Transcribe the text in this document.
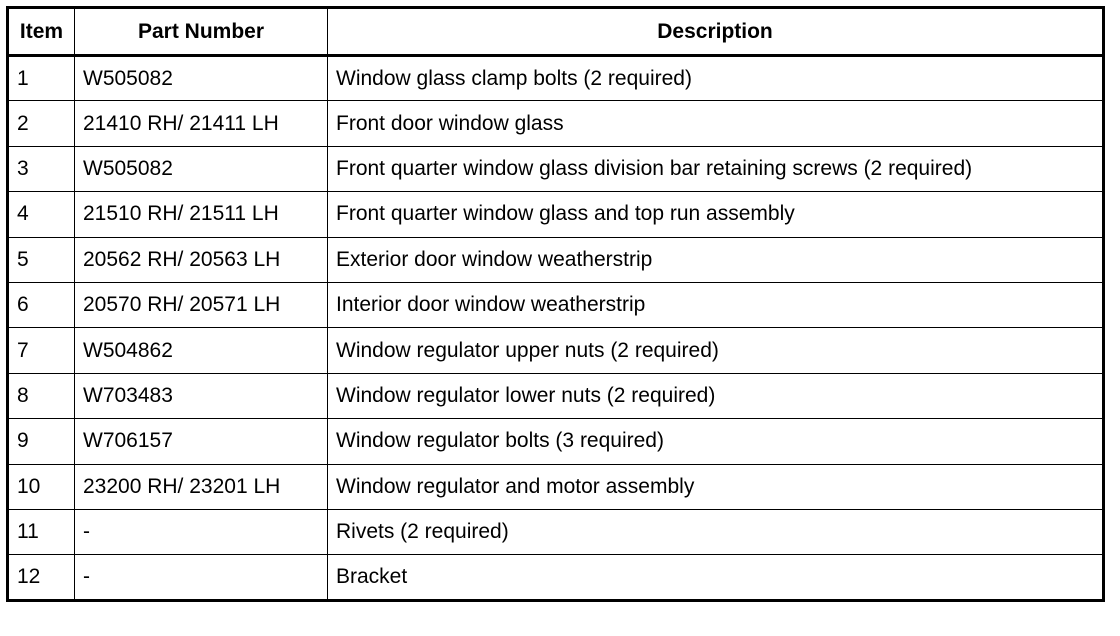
Item	Part Number	Description
1	W505082	Window glass clamp bolts (2 required)
2	21410 RH/ 21411 LH	Front door window glass
3	W505082	Front quarter window glass division bar retaining screws (2 required)
4	21510 RH/ 21511 LH	Front quarter window glass and top run assembly
5	20562 RH/ 20563 LH	Exterior door window weatherstrip
6	20570 RH/ 20571 LH	Interior door window weatherstrip
7	W504862	Window regulator upper nuts (2 required)
8	W703483	Window regulator lower nuts (2 required)
9	W706157	Window regulator bolts (3 required)
10	23200 RH/ 23201 LH	Window regulator and motor assembly
11	-	Rivets (2 required)
12	-	Bracket
